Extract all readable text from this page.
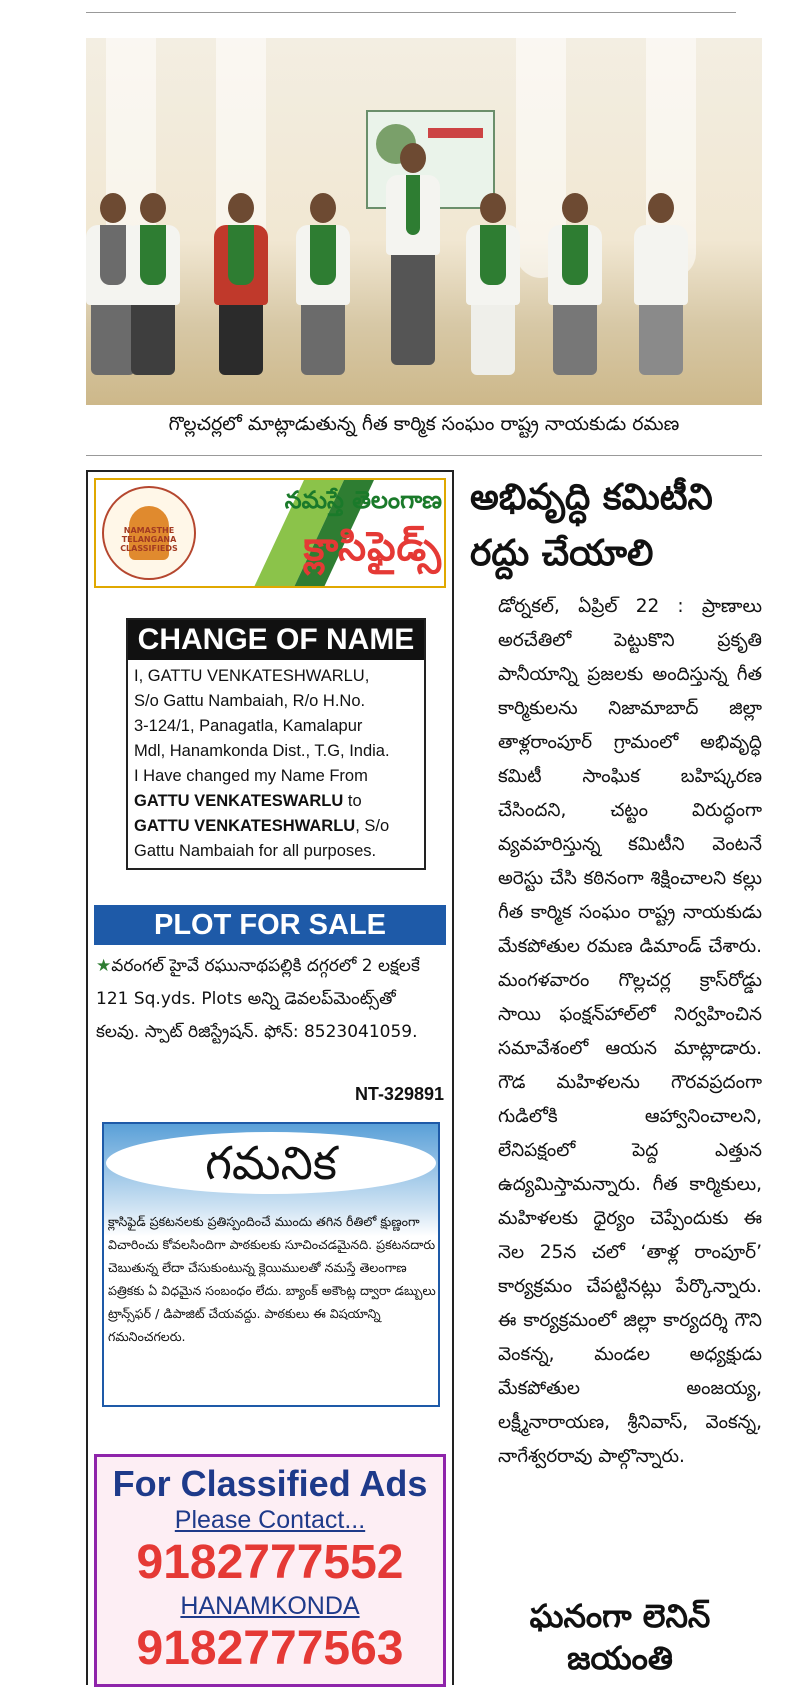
గొల్లచర్లలో మాట్లాడుతున్న గీత కార్మిక సంఘం రాష్ట్ర నాయకుడు రమణ
NAMASTHE TELANGANA CLASSIFIEDS
నమస్తే తెలంగాణ
క్లాసిఫైడ్స్
CHANGE OF NAME
I, GATTU VENKATESHWARLU,
S/o Gattu Nambaiah, R/o H.No.
3-124/1, Panagatla, Kamalapur
Mdl, Hanamkonda Dist., T.G, India.
I Have changed my Name From
GATTU VENKATESWARLU to
GATTU VENKATESHWARLU, S/o
Gattu Nambaiah for all purposes.
PLOT FOR SALE
★వరంగల్ హైవే రఘునాథపల్లికి దగ్గరలో 2 లక్షలకే 121 Sq.yds. Plots అన్ని డెవలప్‌మెంట్స్‌తో కలవు. స్పాట్ రిజిస్ట్రేషన్. ఫోన్: 8523041059.
NT-329891
గమనిక
క్లాసిఫైడ్ ప్రకటనలకు ప్రతిస్పందించే ముందు తగిన రీతిలో క్షుణ్ణంగా విచారించు కోవలసిందిగా పాఠకులకు సూచించడమైనది. ప్రకటనదారు చెబుతున్న లేదా చేసుకుంటున్న క్లెయిములతో నమస్తే తెలంగాణ పత్రికకు ఏ విధమైన సంబంధం లేదు. బ్యాంక్ అకౌంట్ల ద్వారా డబ్బులు ట్రాన్స్‌ఫర్ / డిపాజిట్ చేయవద్దు. పాఠకులు ఈ విషయాన్ని గమనించగలరు.
For Classified Ads
Please Contact...
9182777552
HANAMKONDA
9182777563
అభివృద్ధి కమిటీని
రద్దు చేయాలి
డోర్నకల్, ఏప్రిల్ 22 : ప్రాణాలు అరచేతిలో పెట్టుకొని ప్రకృతి పానీయాన్ని ప్రజలకు అందిస్తున్న గీత కార్మికులను నిజామాబాద్ జిల్లా తాళ్లరాంపూర్ గ్రామంలో అభివృద్ధి కమిటీ సాంఘిక బహిష్కరణ చేసిందని, చట్టం విరుద్ధంగా వ్యవహరిస్తున్న కమిటీని వెంటనే అరెస్టు చేసి కఠినంగా శిక్షించాలని కల్లు గీత కార్మిక సంఘం రాష్ట్ర నాయకుడు మేకపోతుల రమణ డిమాండ్ చేశారు. మంగళవారం గొల్లచర్ల క్రాస్‌రోడ్డు సాయి ఫంక్షన్‌హాల్‌లో నిర్వహించిన సమావేశంలో ఆయన మాట్లాడారు. గౌడ మహిళలను గౌరవప్రదంగా గుడిలోకి ఆహ్వానించాలని, లేనిపక్షంలో పెద్ద ఎత్తున ఉద్యమిస్తామన్నారు. గీత కార్మికులు, మహిళలకు ధైర్యం చెప్పేందుకు ఈ నెల 25న చలో ‘తాళ్ల రాంపూర్’ కార్యక్రమం చేపట్టినట్లు పేర్కొన్నారు. ఈ కార్యక్రమంలో జిల్లా కార్యదర్శి గౌని వెంకన్న, మండల అధ్యక్షుడు మేకపోతుల అంజయ్య, లక్ష్మీనారాయణ, శ్రీనివాస్, వెంకన్న, నాగేశ్వరరావు పాల్గొన్నారు.
ఘనంగా లెనిన్
జయంతి
